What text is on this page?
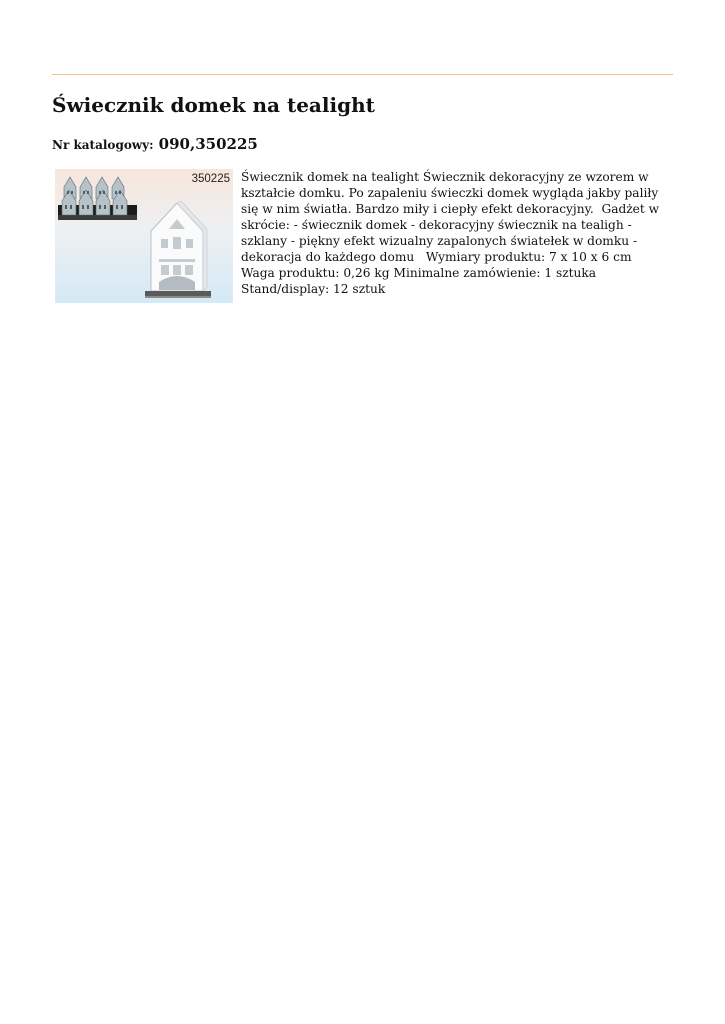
Świecznik domek na tealight
Nr katalogowy: 090,350225
350225 Świecznik domek na tealight Świecznik dekoracyjny ze wzorem w kształcie domku. Po zapaleniu świeczki domek wygląda jakby paliły się w nim światła. Bardzo miły i ciepły efekt dekoracyjny.  Gadżet w skrócie: - świecznik domek - dekoracyjny świecznik na tealigh - szklany - piękny efekt wizualny zapalonych światełek w domku - dekoracja do każdego domu   Wymiary produktu: 7 x 10 x 6 cm  Waga produktu: 0,26 kg Minimalne zamówienie: 1 sztuka Stand/display: 12 sztuk
